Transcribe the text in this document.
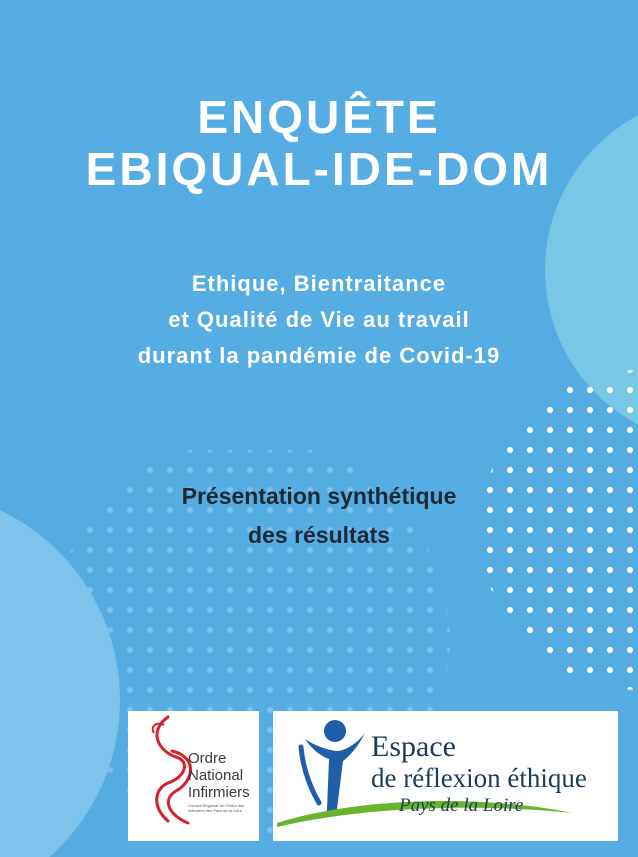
ENQUÊTE
EBIQUAL-IDE-DOM
Ethique, Bientraitance
et Qualité de Vie au travail
durant la pandémie de Covid-19
Présentation synthétique
des résultats
Ordre
National
Infirmiers
Conseil Régional de l'Ordre des Infirmiers des Pays de la Loire
Espace
de réflexion éthique
Pays de la Loire
